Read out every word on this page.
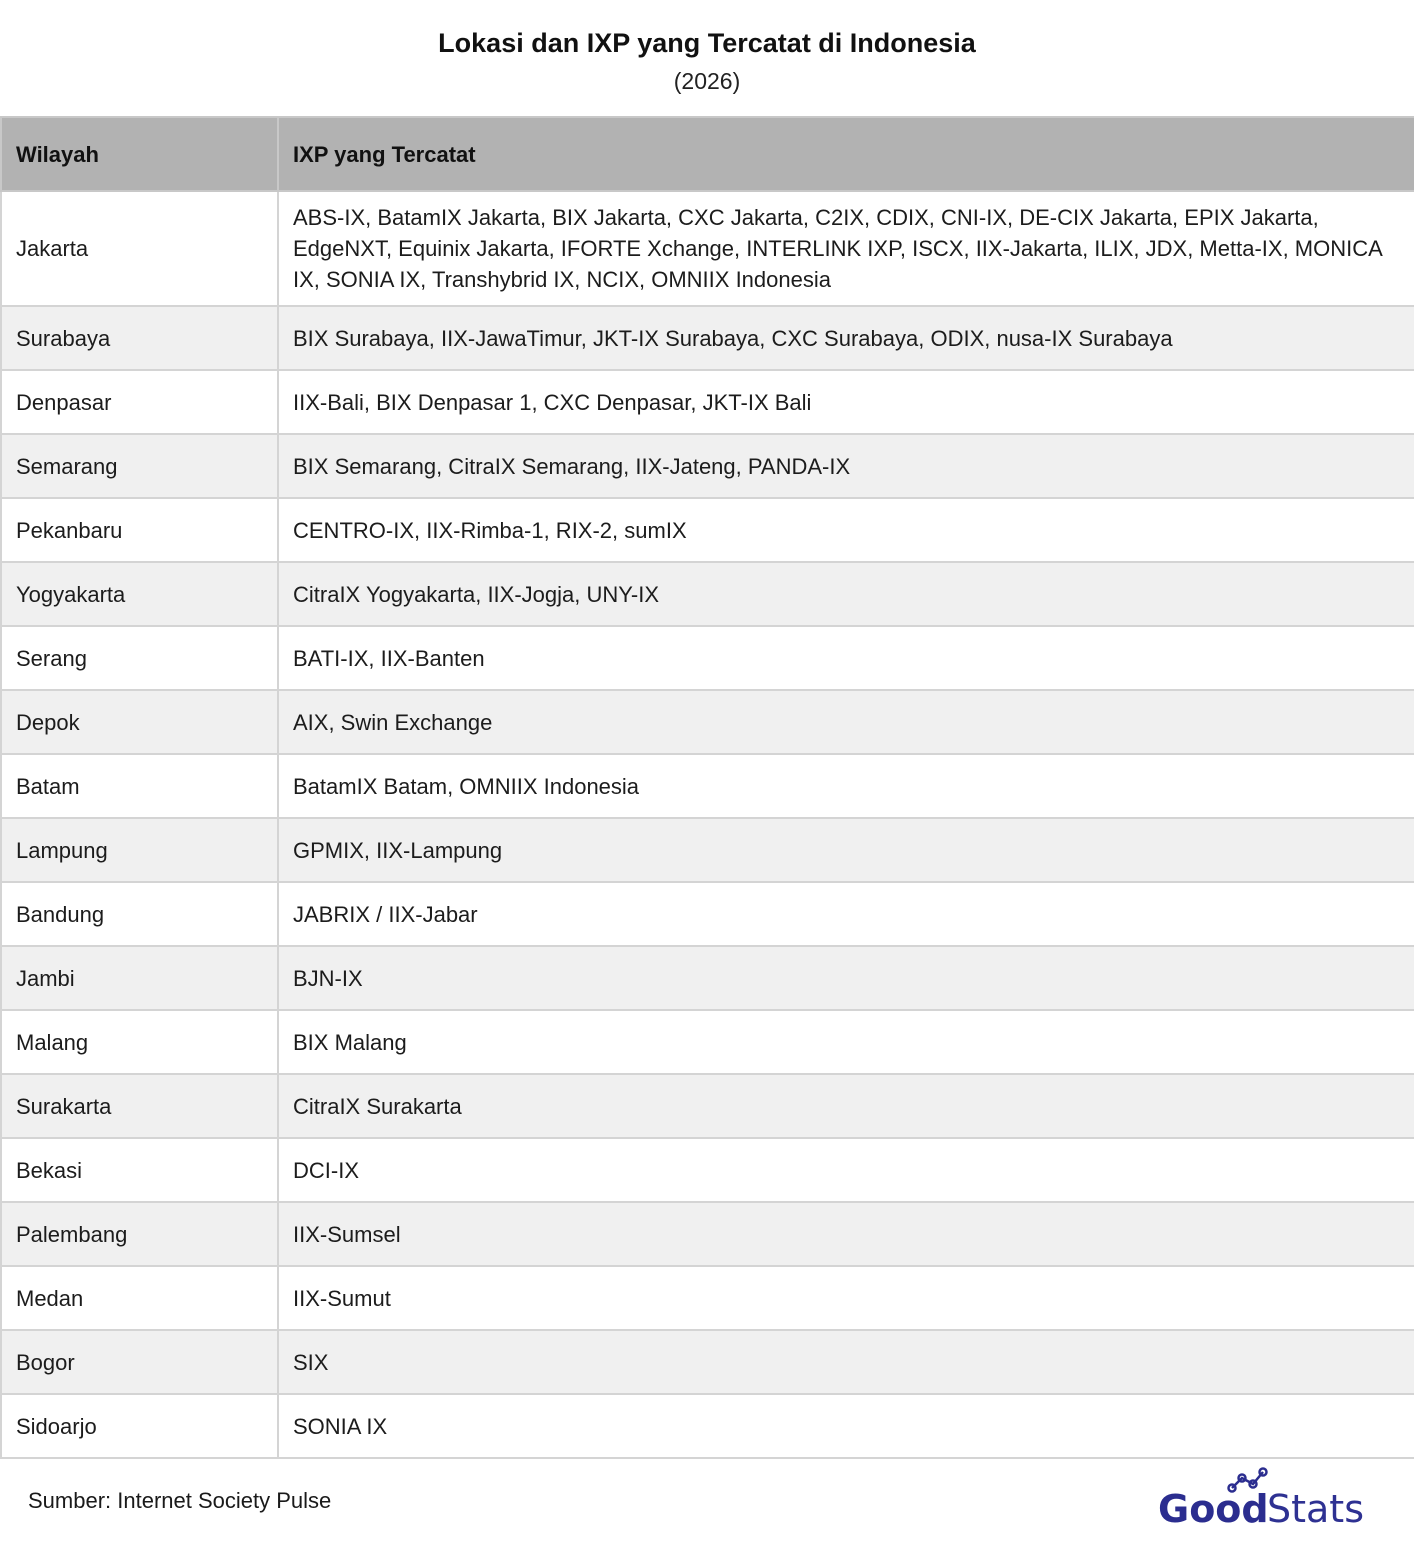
Lokasi dan IXP yang Tercatat di Indonesia
(2026)
Wilayah	IXP yang Tercatat
Jakarta	ABS-IX, BatamIX Jakarta, BIX Jakarta, CXC Jakarta, C2IX, CDIX, CNI-IX, DE-CIX Jakarta, EPIX Jakarta, EdgeNXT, Equinix Jakarta, IFORTE Xchange, INTERLINK IXP, ISCX, IIX-Jakarta, ILIX, JDX, Metta-IX, MONICA IX, SONIA IX, Transhybrid IX, NCIX, OMNIIX Indonesia
Surabaya	BIX Surabaya, IIX-JawaTimur, JKT-IX Surabaya, CXC Surabaya, ODIX, nusa-IX Surabaya
Denpasar	IIX-Bali, BIX Denpasar 1, CXC Denpasar, JKT-IX Bali
Semarang	BIX Semarang, CitraIX Semarang, IIX-Jateng, PANDA-IX
Pekanbaru	CENTRO-IX, IIX-Rimba-1, RIX-2, sumIX
Yogyakarta	CitraIX Yogyakarta, IIX-Jogja, UNY-IX
Serang	BATI-IX, IIX-Banten
Depok	AIX, Swin Exchange
Batam	BatamIX Batam, OMNIIX Indonesia
Lampung	GPMIX, IIX-Lampung
Bandung	JABRIX / IIX-Jabar
Jambi	BJN-IX
Malang	BIX Malang
Surakarta	CitraIX Surakarta
Bekasi	DCI-IX
Palembang	IIX-Sumsel
Medan	IIX-Sumut
Bogor	SIX
Sidoarjo	SONIA IX
Sumber: Internet Society Pulse	Good
Stats
